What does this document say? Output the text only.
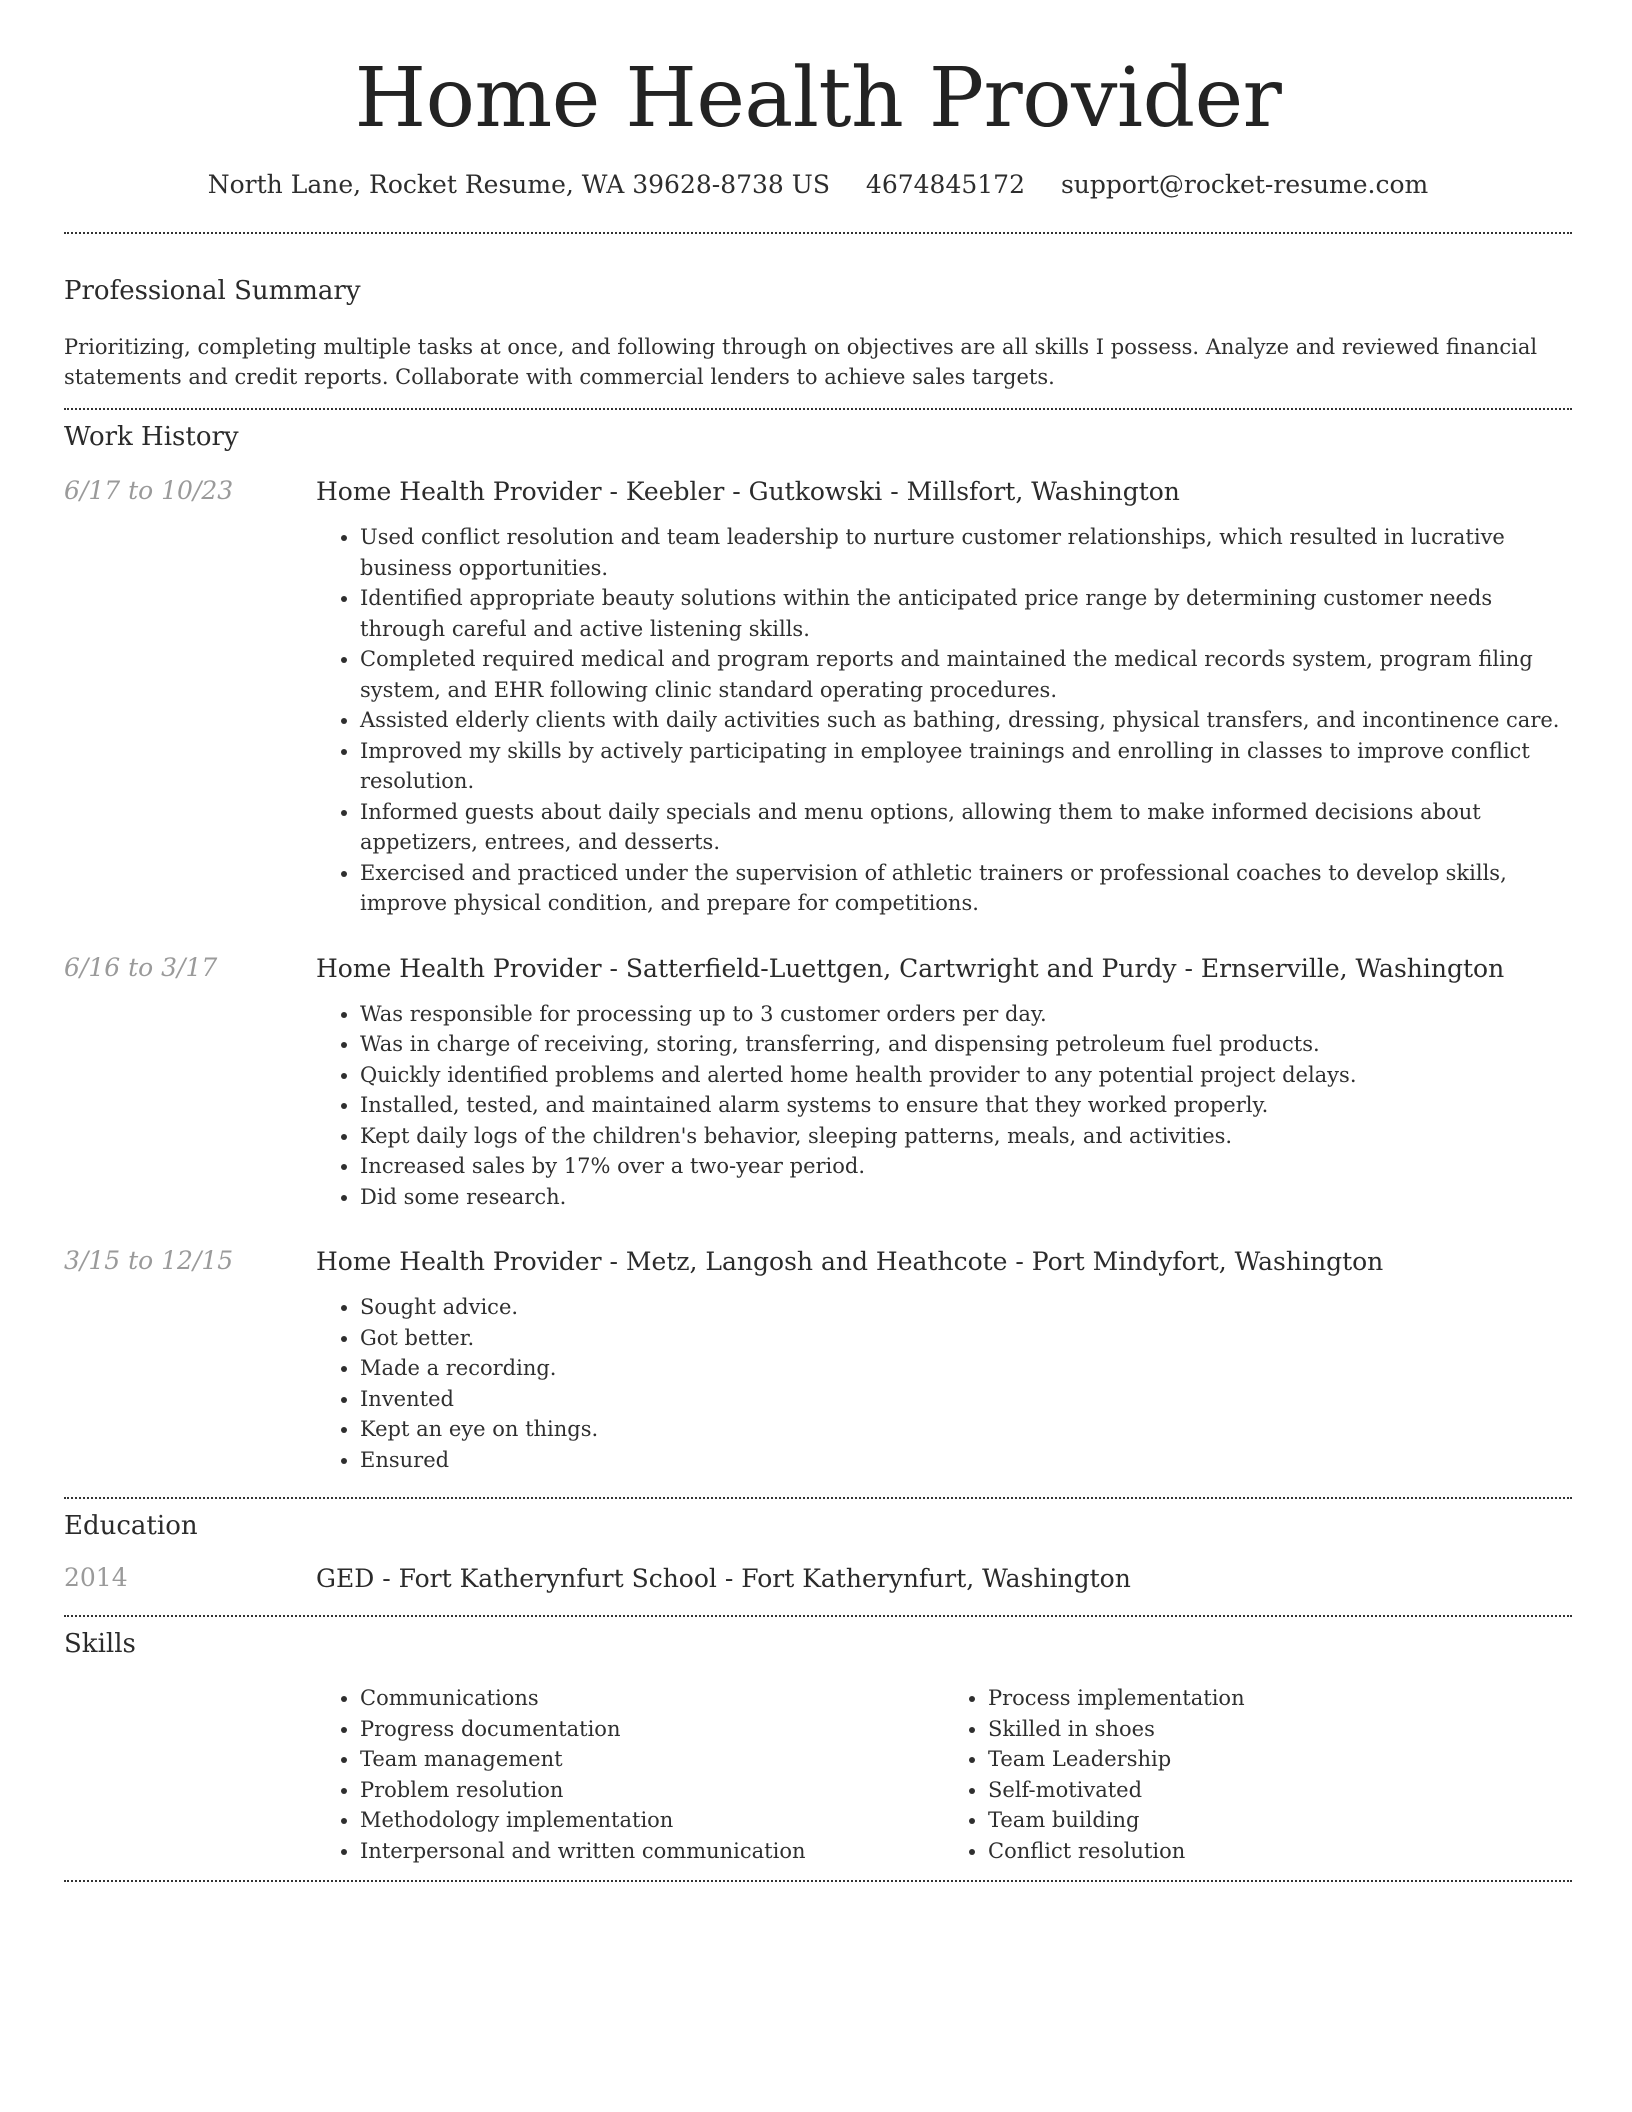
Home Health Provider
North Lane, Rocket Resume, WA 39628-8738 US 4674845172 support@rocket-resume.com
Professional Summary

Prioritizing, completing multiple tasks at once, and following through on objectives are all skills I possess. Analyze and reviewed financial statements and credit reports. Collaborate with commercial lenders to achieve sales targets.

Work History
6/17 to 10/23	Home Health Provider - Keebler - Gutkowski - Millsfort, Washington
• Used conflict resolution and team leadership to nurture customer relationships, which resulted in lucrative business opportunities.
• Identified appropriate beauty solutions within the anticipated price range by determining customer needs through careful and active listening skills.
• Completed required medical and program reports and maintained the medical records system, program filing system, and EHR following clinic standard operating procedures.
• Assisted elderly clients with daily activities such as bathing, dressing, physical transfers, and incontinence care.
• Improved my skills by actively participating in employee trainings and enrolling in classes to improve conflict resolution.
• Informed guests about daily specials and menu options, allowing them to make informed decisions about appetizers, entrees, and desserts.
• Exercised and practiced under the supervision of athletic trainers or professional coaches to develop skills, improve physical condition, and prepare for competitions.
6/16 to 3/17	Home Health Provider - Satterfield-Luettgen, Cartwright and Purdy - Ernserville, Washington
• Was responsible for processing up to 3 customer orders per day.
• Was in charge of receiving, storing, transferring, and dispensing petroleum fuel products.
• Quickly identified problems and alerted home health provider to any potential project delays.
• Installed, tested, and maintained alarm systems to ensure that they worked properly.
• Kept daily logs of the children's behavior, sleeping patterns, meals, and activities.
• Increased sales by 17% over a two-year period.
• Did some research.
3/15 to 12/15	Home Health Provider - Metz, Langosh and Heathcote - Port Mindyfort, Washington
• Sought advice.
• Got better.
• Made a recording.
• Invented
• Kept an eye on things.
• Ensured
Education
2014	GED - Fort Katherynfurt School - Fort Katherynfurt, Washington
Skills
• Communications
• Progress documentation
• Team management
• Problem resolution
• Methodology implementation
• Interpersonal and written communication
• Process implementation
• Skilled in shoes
• Team Leadership
• Self-motivated
• Team building
• Conflict resolution
